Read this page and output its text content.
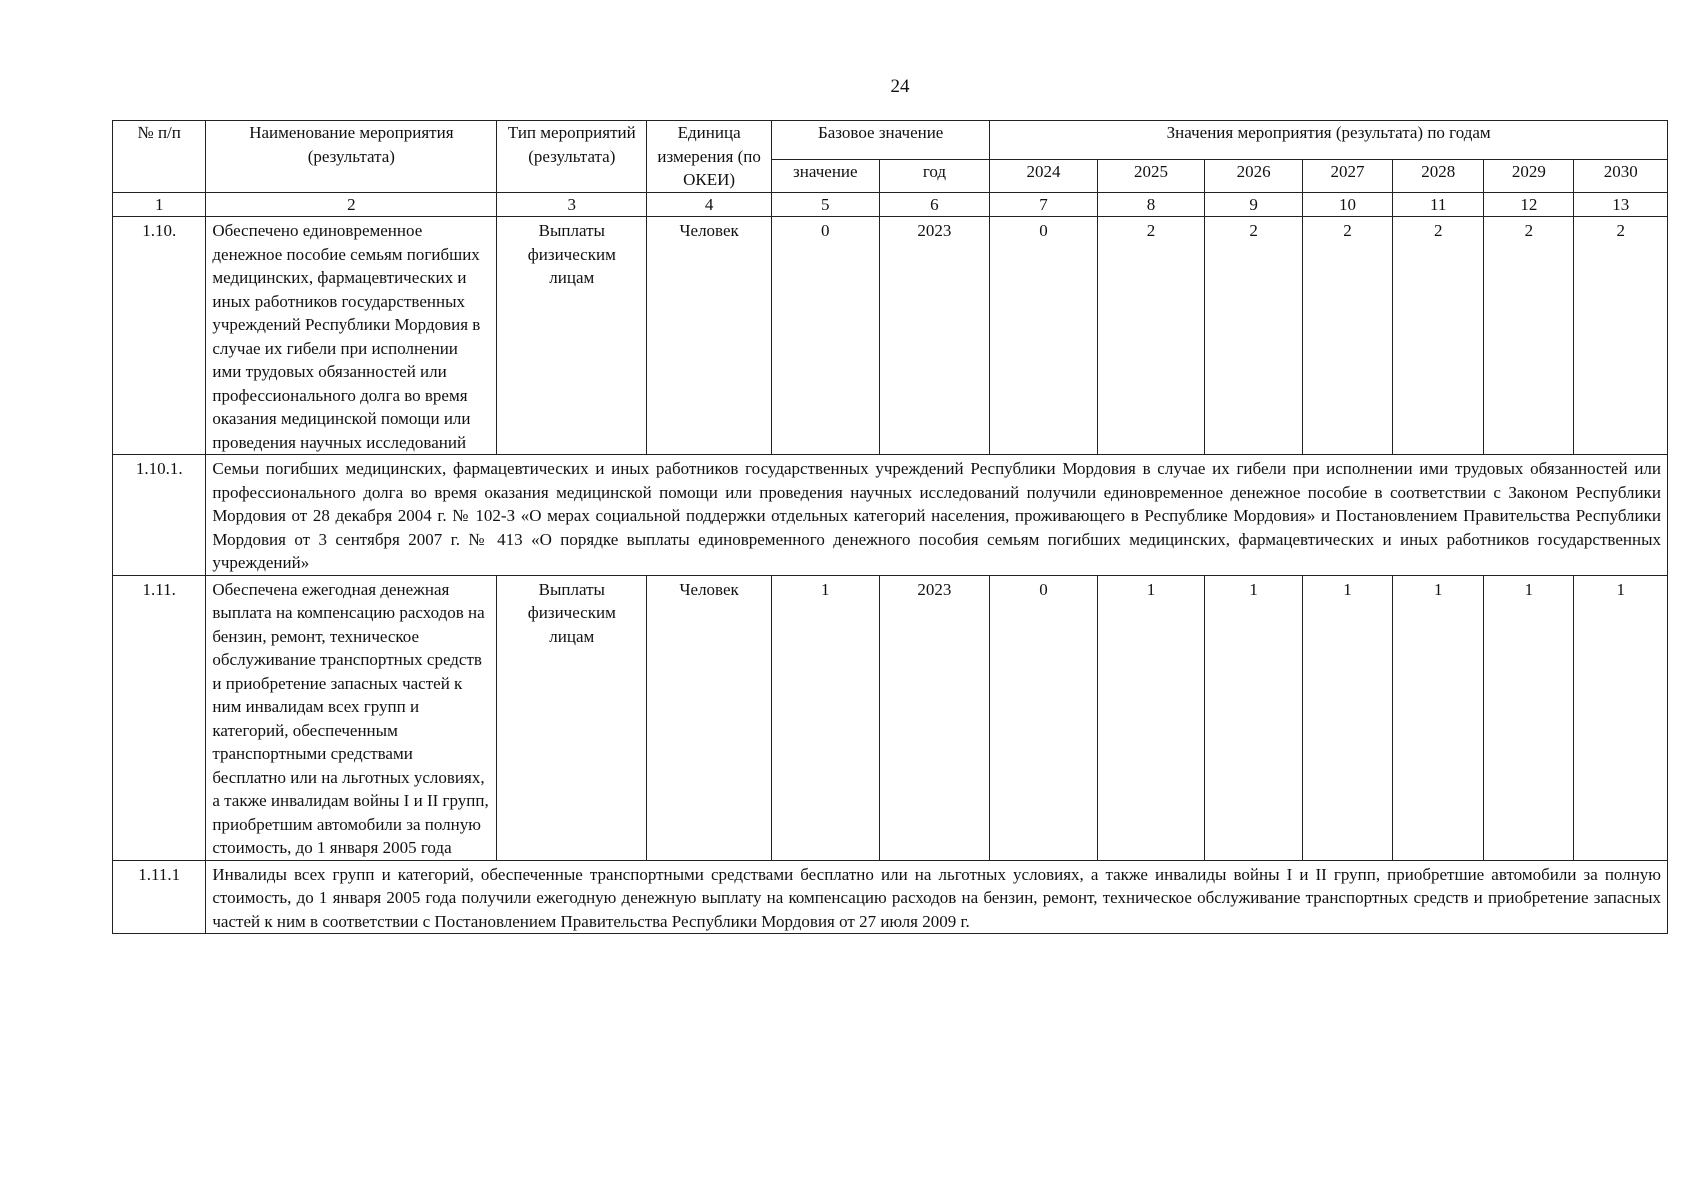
24
№ п/п	Наименование мероприятия (результата)	Тип мероприятий (результата)	Единица измерения (по ОКЕИ)	Базовое значение		Значения мероприятия (результата) по годам						
				значение	год	2024	2025	2026	2027	2028	2029	2030
1	2	3	4	5	6	7	8	9	10	11	12	13
1.10.	Обеспечено единовременное денежное пособие семьям погибших медицинских, фармацевтических и иных работников государственных учреждений Республики Мордовия в случае их гибели при исполнении ими трудовых обязанностей или профессионального долга во время оказания медицинской помощи или проведения научных исследований	Выплаты физическим лицам	Человек	0	2023	0	2	2	2	2	2	2
1.10.1.	Семьи погибших медицинских, фармацевтических и иных работников государственных учреждений Республики Мордовия в случае их гибели при исполнении ими трудовых обязанностей или профессионального долга во время оказания медицинской помощи или проведения научных исследований получили единовременное денежное пособие в соответствии с Законом Республики Мордовия от 28 декабря 2004 г. № 102-З «О мерах социальной поддержки отдельных категорий населения, проживающего в Республике Мордовия» и Постановлением Правительства Республики Мордовия от 3 сентября 2007 г. № 413 «О порядке выплаты единовременного денежного пособия семьям погибших медицинских, фармацевтических и иных работников государственных учреждений»											
1.11.	Обеспечена ежегодная денежная выплата на компенсацию расходов на бензин, ремонт, техническое обслуживание транспортных средств и приобретение запасных частей к ним инвалидам всех групп и категорий, обеспеченным транспортными средствами бесплатно или на льготных условиях, а также инвалидам войны I и II групп, приобретшим автомобили за полную стоимость, до 1 января 2005 года	Выплаты физическим лицам	Человек	1	2023	0	1	1	1	1	1	1
1.11.1	Инвалиды всех групп и категорий, обеспеченные транспортными средствами бесплатно или на льготных условиях, а также инвалиды войны I и II групп, приобретшие автомобили за полную стоимость, до 1 января 2005 года получили ежегодную денежную выплату на компенсацию расходов на бензин, ремонт, техническое обслуживание транспортных средств и приобретение запасных частей к ним в соответствии с Постановлением Правительства Республики Мордовия от 27 июля 2009 г.											
